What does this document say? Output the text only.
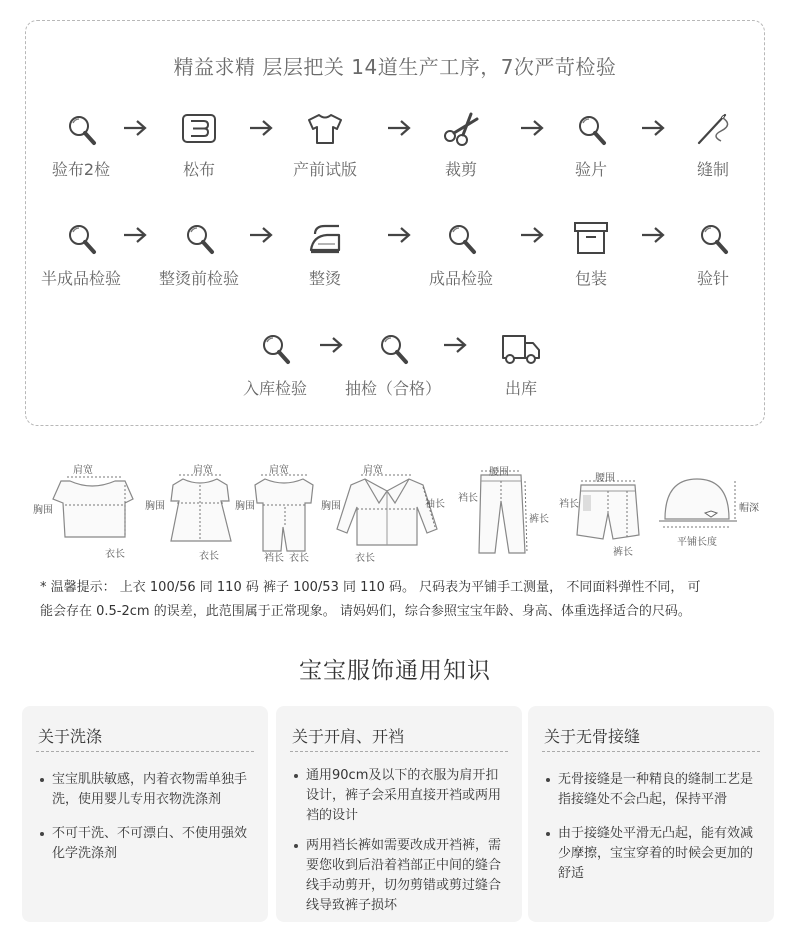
精益求精 层层把关 14道生产工序，7次严苛检验
验布2检	松布	产前试版	裁剪	验片	缝制
半成品检验	整烫前检验	整烫	成品检验	包装	验针
入库检验	抽检（合格）	出库
肩宽
胸围
衣长
肩宽
胸围
衣长
肩宽
胸围
裆长 衣长
肩宽
胸围	袖长
衣长
腰围
裆长
裤长
腰围
裆长
裤长
帽深
平铺长度
* 温馨提示： 上衣 100/56 同 110 码 裤子 100/53 同 110 码。 尺码表为平铺手工测量， 不同面料弹性不同， 可
能会存在 0.5-2cm 的误差，此范围属于正常现象。 请妈妈们，综合参照宝宝年龄、身高、体重选择适合的尺码。
宝宝服饰通用知识
关于洗涤
宝宝肌肤敏感，内着衣物需单独手洗，使用婴儿专用衣物洗涤剂
不可干洗、不可漂白、不使用强效化学洗涤剂
关于开肩、开裆
通用90cm及以下的衣服为肩开扣设计，裤子会采用直接开裆或两用裆的设计
两用裆长裤如需要改成开裆裤，需要您收到后沿着裆部正中间的缝合线手动剪开，切勿剪错或剪过缝合线导致裤子损坏
关于无骨接缝
无骨接缝是一种精良的缝制工艺是指接缝处不会凸起，保持平滑
由于接缝处平滑无凸起，能有效减少摩擦，宝宝穿着的时候会更加的舒适
